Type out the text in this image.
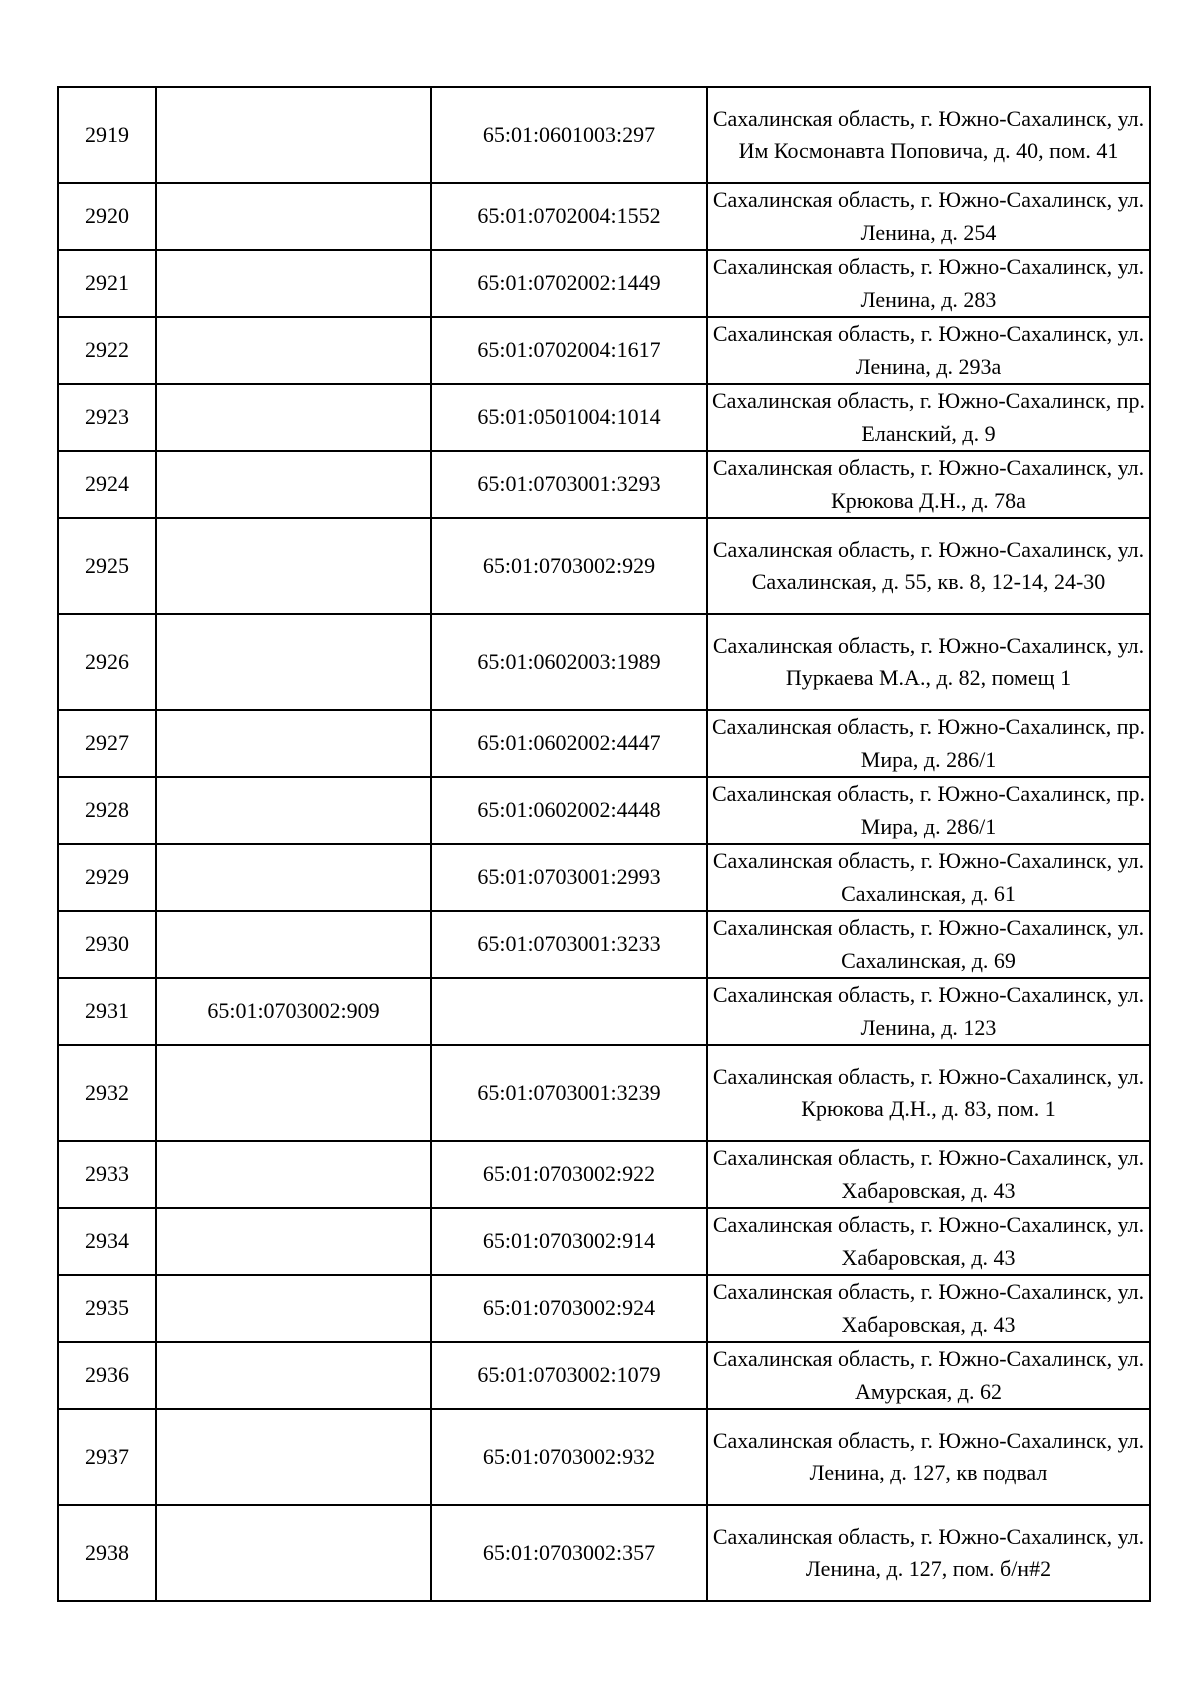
2919		65:01:0601003:297	Сахалинская область, г. Южно-Сахалинск, ул. Им Космонавта Поповича, д. 40, пом. 41
2920		65:01:0702004:1552	Сахалинская область, г. Южно-Сахалинск, ул. Ленина, д. 254
2921		65:01:0702002:1449	Сахалинская область, г. Южно-Сахалинск, ул. Ленина, д. 283
2922		65:01:0702004:1617	Сахалинская область, г. Южно-Сахалинск, ул. Ленина, д. 293а
2923		65:01:0501004:1014	Сахалинская область, г. Южно-Сахалинск, пр. Еланский, д. 9
2924		65:01:0703001:3293	Сахалинская область, г. Южно-Сахалинск, ул. Крюкова Д.Н., д. 78а
2925		65:01:0703002:929	Сахалинская область, г. Южно-Сахалинск, ул. Сахалинская, д. 55, кв. 8, 12-14, 24-30
2926		65:01:0602003:1989	Сахалинская область, г. Южно-Сахалинск, ул. Пуркаева М.А., д. 82, помещ 1
2927		65:01:0602002:4447	Сахалинская область, г. Южно-Сахалинск, пр. Мира, д. 286/1
2928		65:01:0602002:4448	Сахалинская область, г. Южно-Сахалинск, пр. Мира, д. 286/1
2929		65:01:0703001:2993	Сахалинская область, г. Южно-Сахалинск, ул. Сахалинская, д. 61
2930		65:01:0703001:3233	Сахалинская область, г. Южно-Сахалинск, ул. Сахалинская, д. 69
2931	65:01:0703002:909		Сахалинская область, г. Южно-Сахалинск, ул. Ленина, д. 123
2932		65:01:0703001:3239	Сахалинская область, г. Южно-Сахалинск, ул. Крюкова Д.Н., д. 83, пом. 1
2933		65:01:0703002:922	Сахалинская область, г. Южно-Сахалинск, ул. Хабаровская, д. 43
2934		65:01:0703002:914	Сахалинская область, г. Южно-Сахалинск, ул. Хабаровская, д. 43
2935		65:01:0703002:924	Сахалинская область, г. Южно-Сахалинск, ул. Хабаровская, д. 43
2936		65:01:0703002:1079	Сахалинская область, г. Южно-Сахалинск, ул. Амурская, д. 62
2937		65:01:0703002:932	Сахалинская область, г. Южно-Сахалинск, ул. Ленина, д. 127, кв подвал
2938		65:01:0703002:357	Сахалинская область, г. Южно-Сахалинск, ул. Ленина, д. 127, пом. б/н#2
